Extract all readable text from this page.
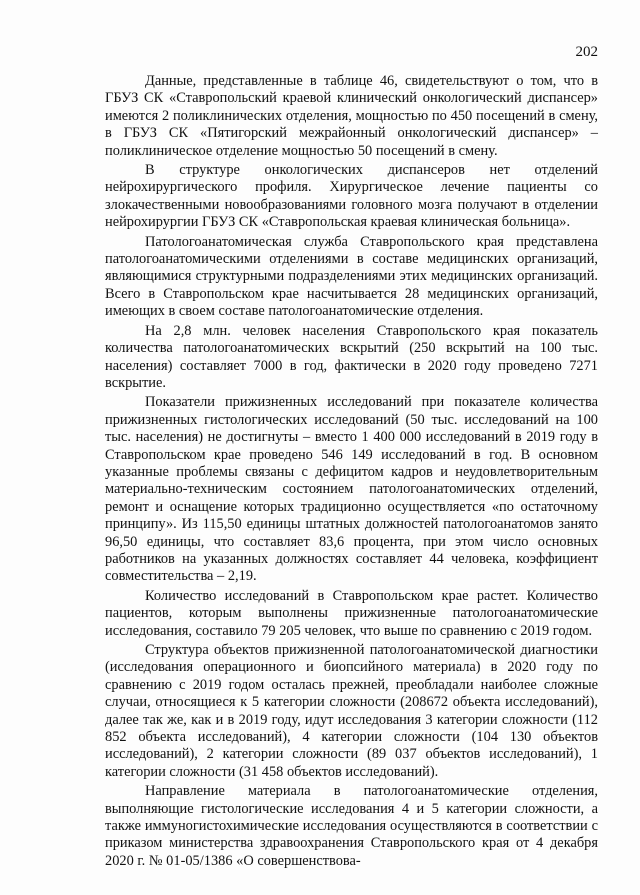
202

Данные, представленные в таблице 46, свидетельствуют о том, что в ГБУЗ СК «Ставропольский краевой клинический онкологический диспансер» имеются 2 поликлинических отделения, мощностью по 450 посещений в смену, в ГБУЗ СК «Пятигорский межрайонный онкологический диспансер» – поликлиническое отделение мощностью 50 посещений в смену.

В структуре онкологических диспансеров нет отделений нейрохирургического профиля. Хирургическое лечение пациенты со злокачественными новообразованиями головного мозга получают в отделении нейрохирургии ГБУЗ СК «Ставропольская краевая клиническая больница».

Патологоанатомическая служба Ставропольского края представлена патологоанатомическими отделениями в составе медицинских организаций, являющимися структурными подразделениями этих медицинских организаций. Всего в Ставропольском крае насчитывается 28 медицинских организаций, имеющих в своем составе патологоанатомические отделения.

На 2,8 млн. человек населения Ставропольского края показатель количества патологоанатомических вскрытий (250 вскрытий на 100 тыс. населения) составляет 7000 в год, фактически в 2020 году проведено 7271 вскрытие.

Показатели прижизненных исследований при показателе количества прижизненных гистологических исследований (50 тыс. исследований на 100 тыс. населения) не достигнуты – вместо 1 400 000 исследований в 2019 году в Ставропольском крае проведено 546 149 исследований в год. В основном указанные проблемы связаны с дефицитом кадров и неудовлетворительным материально-техническим состоянием патологоанатомических отделений, ремонт и оснащение которых традиционно осуществляется «по остаточному принципу». Из 115,50 единицы штатных должностей патологоанатомов занято 96,50 единицы, что составляет 83,6 процента, при этом число основных работников на указанных должностях составляет 44 человека, коэффициент совместительства – 2,19.

Количество исследований в Ставропольском крае растет. Количество пациентов, которым выполнены прижизненные патологоанатомические исследования, составило 79 205 человек, что выше по сравнению с 2019 годом.

Структура объектов прижизненной патологоанатомической диагностики (исследования операционного и биопсийного материала) в 2020 году по сравнению с 2019 годом осталась прежней, преобладали наиболее сложные случаи, относящиеся к 5 категории сложности (208672 объекта исследований), далее так же, как и в 2019 году, идут исследования 3 категории сложности (112 852 объекта исследований), 4 категории сложности (104 130 объектов исследований), 2 категории сложности (89 037 объектов исследований), 1 категории сложности (31 458 объектов исследований).

Направление материала в патологоанатомические отделения, выполняющие гистологические исследования 4 и 5 категории сложности, а также иммуногистохимические исследования осуществляются в соответствии с приказом министерства здравоохранения Ставропольского края от 4 декабря 2020 г. № 01-05/1386 «О совершенствова-
